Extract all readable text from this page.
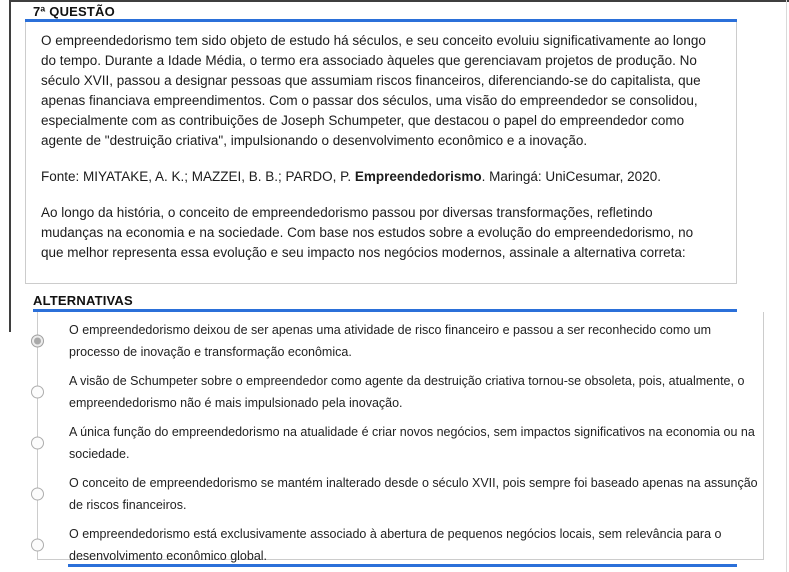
7ª QUESTÃO

O empreendedorismo tem sido objeto de estudo há séculos, e seu conceito evoluiu significativamente ao longo do tempo. Durante a Idade Média, o termo era associado àqueles que gerenciavam projetos de produção. No século XVII, passou a designar pessoas que assumiam riscos financeiros, diferenciando-se do capitalista, que apenas financiava empreendimentos. Com o passar dos séculos, uma visão do empreendedor se consolidou, especialmente com as contribuições de Joseph Schumpeter, que destacou o papel do empreendedor como agente de "destruição criativa", impulsionando o desenvolvimento econômico e a inovação.

Fonte: MIYATAKE, A. K.; MAZZEI, B. B.; PARDO, P. Empreendedorismo. Maringá: UniCesumar, 2020.

Ao longo da história, o conceito de empreendedorismo passou por diversas transformações, refletindo mudanças na economia e na sociedade. Com base nos estudos sobre a evolução do empreendedorismo, no que melhor representa essa evolução e seu impacto nos negócios modernos, assinale a alternativa correta:

ALTERNATIVAS
O empreendedorismo deixou de ser apenas uma atividade de risco financeiro e passou a ser reconhecido como um processo de inovação e transformação econômica.
A visão de Schumpeter sobre o empreendedor como agente da destruição criativa tornou-se obsoleta, pois, atualmente, o empreendedorismo não é mais impulsionado pela inovação.
A única função do empreendedorismo na atualidade é criar novos negócios, sem impactos significativos na economia ou na sociedade.
O conceito de empreendedorismo se mantém inalterado desde o século XVII, pois sempre foi baseado apenas na assunção de riscos financeiros.
O empreendedorismo está exclusivamente associado à abertura de pequenos negócios locais, sem relevância para o desenvolvimento econômico global.
